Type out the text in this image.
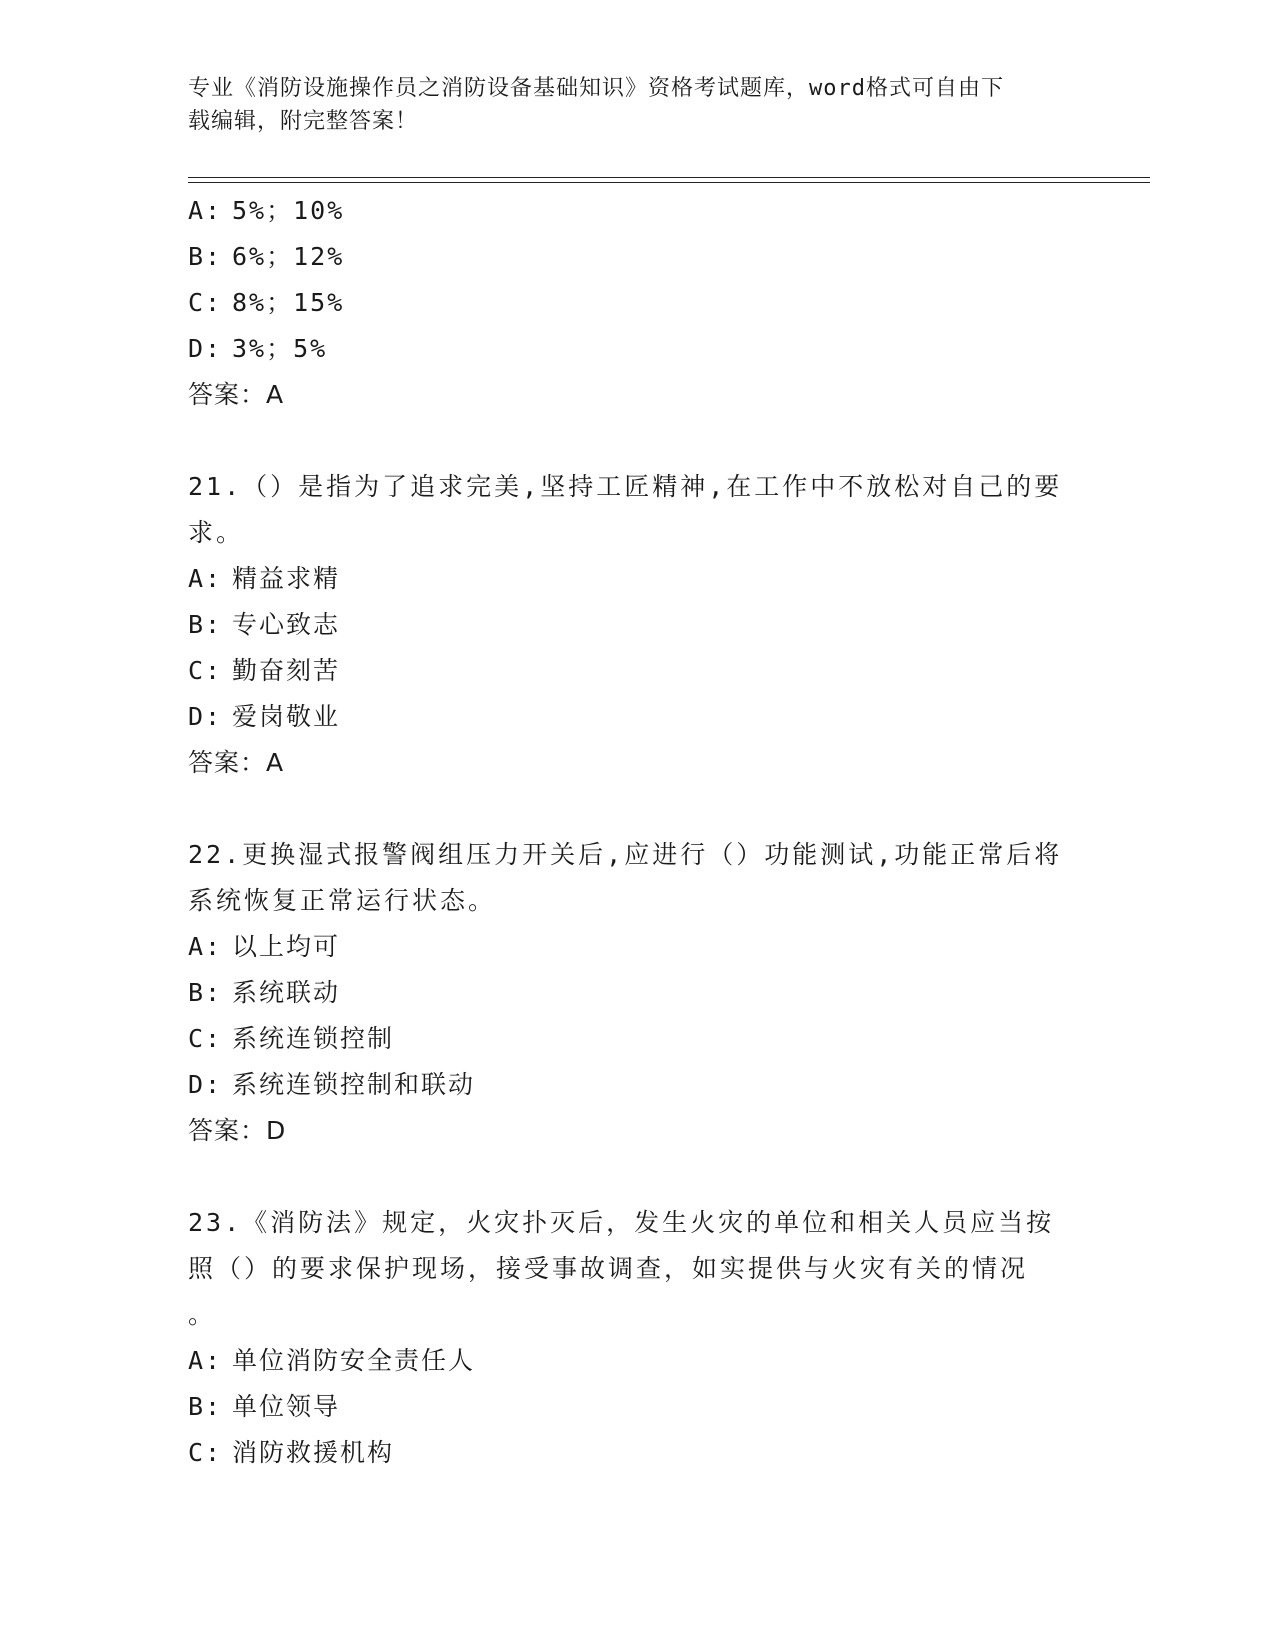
专业《消防设施操作员之消防设备基础知识》资格考试题库，word格式可自由下
载编辑，附完整答案！
A: 5%；10%
B: 6%；12%
C: 8%；15%
D: 3%；5%
答案：A
21.（）是指为了追求完美,坚持工匠精神,在工作中不放松对自己的要
求。
A: 精益求精
B: 专心致志
C: 勤奋刻苦
D: 爱岗敬业
答案：A
22.更换湿式报警阀组压力开关后,应进行（）功能测试,功能正常后将
系统恢复正常运行状态。
A: 以上均可
B: 系统联动
C: 系统连锁控制
D: 系统连锁控制和联动
答案：D
23.《消防法》规定，火灾扑灭后，发生火灾的单位和相关人员应当按
照（）的要求保护现场，接受事故调查，如实提供与火灾有关的情况
。
A: 单位消防安全责任人
B: 单位领导
C: 消防救援机构
